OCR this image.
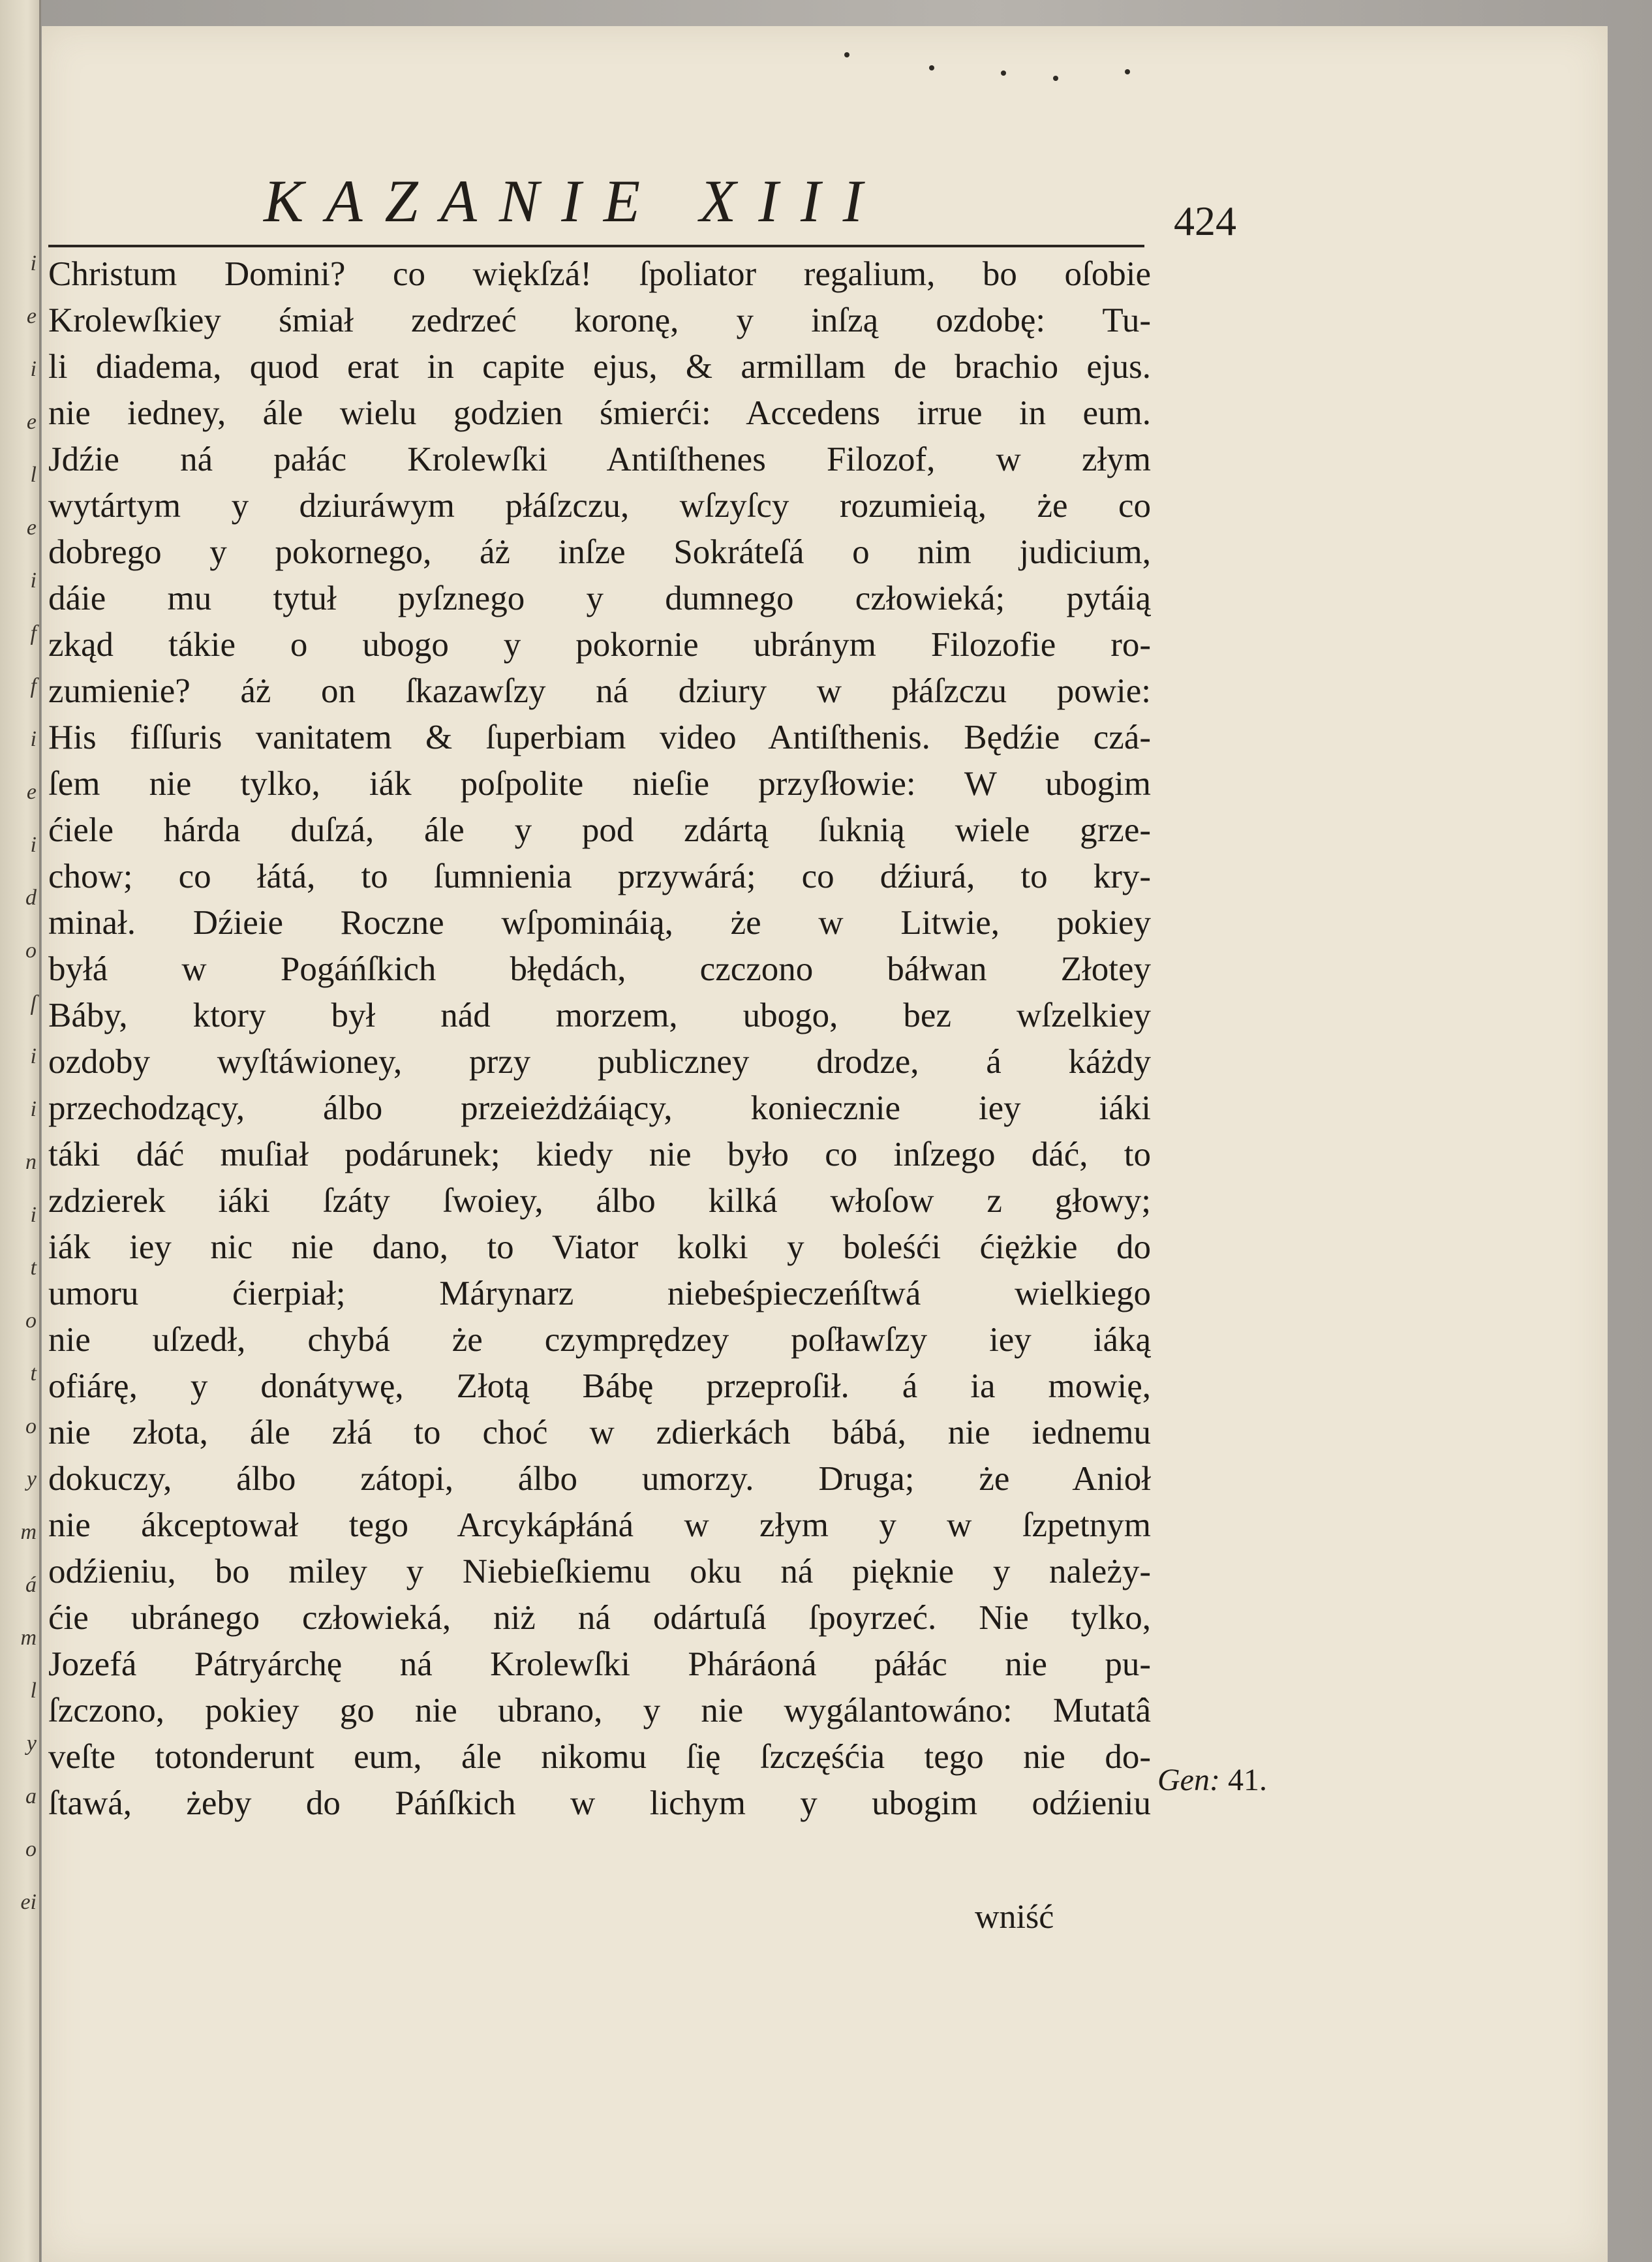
i
e
i
e
l
e
i
f
f
i
e
i
d
o
ſ
i
i
n
i
t
o
t
o
y
m
á
m
l
y
a
o
ei
KAZANIE XIII	424
Christum Domini? co więkſzá! ſpoliator regalium, bo oſobie
Krolewſkiey śmiał zedrzeć koronę, y inſzą ozdobę: Tu-
li diadema, quod erat in capite ejus, & armillam de brachio ejus.
nie iedney, ále wielu godzien śmierći: Accedens irrue in eum.
Jdźie ná pałác Krolewſki Antiſthenes Filozof, w złym
wytártym y dziuráwym płáſzczu, wſzyſcy rozumieią, że co
dobrego y pokornego, áż inſze Sokráteſá o nim judicium,
dáie mu tytuł pyſznego y dumnego człowieká; pytáią
zkąd tákie o ubogo y pokornie ubránym Filozofie ro-
zumienie? áż on ſkazawſzy ná dziury w płáſzczu powie:
His fiſſuris vanitatem & ſuperbiam video Antiſthenis. Będźie czá-
ſem nie tylko, iák poſpolite nieſie przyſłowie: W ubogim
ćiele hárda duſzá, ále y pod zdártą ſuknią wiele grze-
chow; co łátá, to ſumnienia przywárá; co dźiurá, to kry-
minał. Dźieie Roczne wſpomináią, że w Litwie, pokiey
byłá w Pogáńſkich błędách, czczono báłwan Złotey
Báby, ktory był nád morzem, ubogo, bez wſzelkiey
ozdoby wyſtáwioney, przy publiczney drodze, á káżdy
przechodzący, álbo przeieżdżáiący, koniecznie iey iáki
táki dáć muſiał podárunek; kiedy nie było co inſzego dáć, to
zdzierek iáki ſzáty ſwoiey, álbo kilká włoſow z głowy;
iák iey nic nie dano, to Viator kolki y boleśći ćiężkie do
umoru ćierpiał; Márynarz niebeśpieczeńſtwá wielkiego
nie uſzedł, chybá że czymprędzey poſławſzy iey iáką
ofiárę, y donátywę, Złotą Bábę przeproſił. á ia mowię,
nie złota, ále złá to choć w zdierkách bábá, nie iednemu
dokuczy, álbo zátopi, álbo umorzy. Druga; że Anioł
nie ákceptował tego Arcykápłáná w złym y w ſzpetnym
odźieniu, bo miley y Niebieſkiemu oku ná pięknie y należy-
ćie ubránego człowieká, niż ná odártuſá ſpoyrzeć. Nie tylko,
Jozefá Pátryárchę ná Krolewſki Pháráoná páłác nie pu-
ſzczono, pokiey go nie ubrano, y nie wygálantowáno: Mutatâ
veſte totonderunt eum, ále nikomu ſię ſzczęśćia tego nie do-
ſtawá, żeby do Páńſkich w lichym y ubogim odźieniu
wniść
Gen: 41.
